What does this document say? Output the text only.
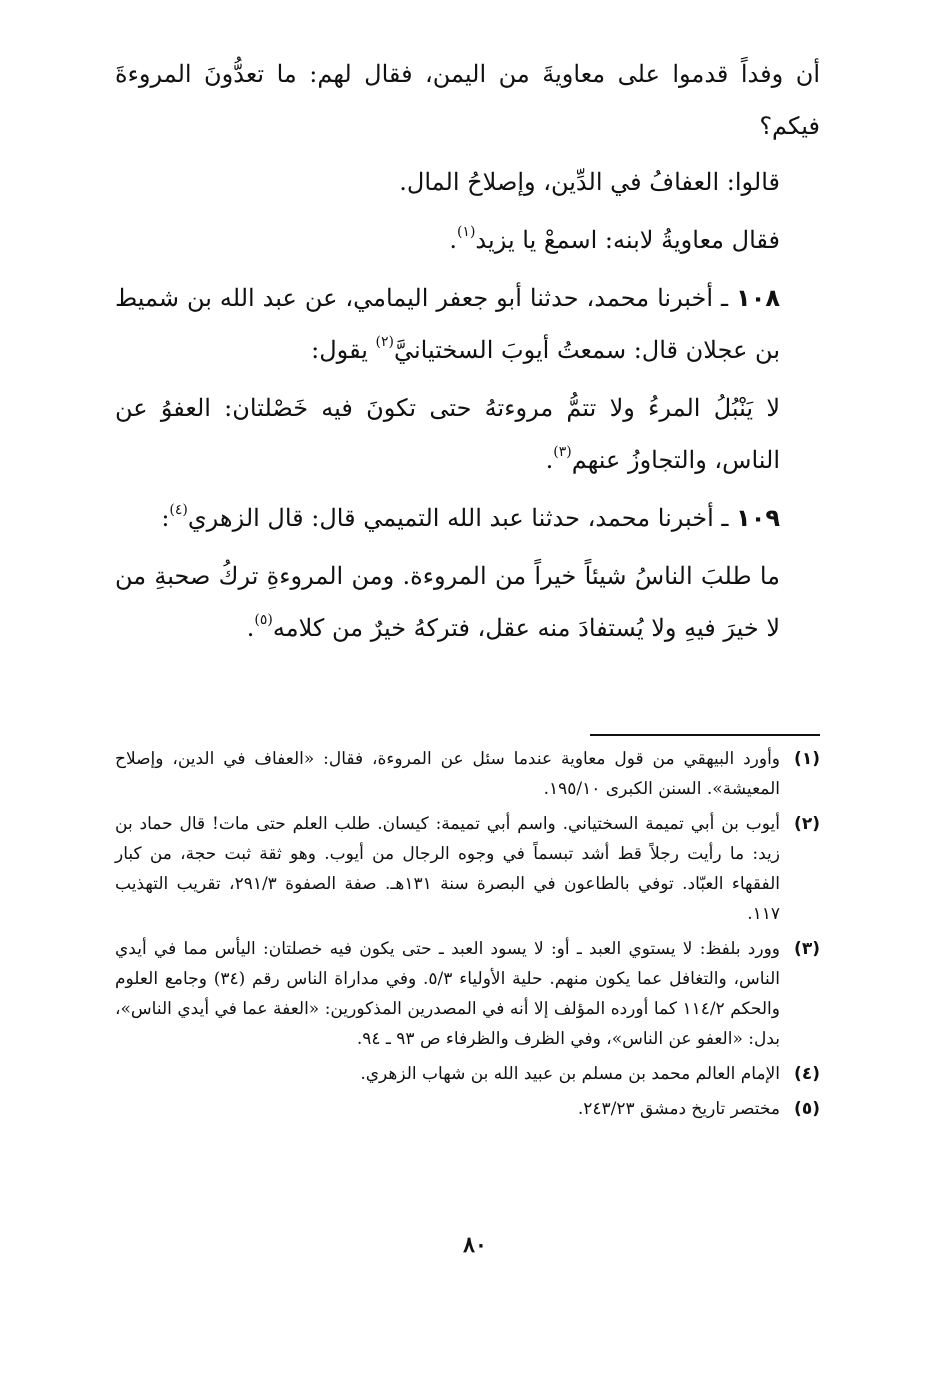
أن وفداً قدموا على معاويةَ من اليمن، فقال لهم: ما تعدُّونَ المروءةَ فيكم؟

قالوا: العفافُ في الدِّين، وإصلاحُ المال.

فقال معاويةُ لابنه: اسمعْ يا يزيد$^{(١)}$.

١٠٨ ـ أخبرنا محمد، حدثنا أبو جعفر اليمامي، عن عبد الله بن شميط بن عجلان قال: سمعتُ أيوبَ السختيانيَّ$^{(٢)}$ يقول:

لا يَنْبُلُ المرءُ ولا تتمُّ مروءتهُ حتى تكونَ فيه خَصْلتان: العفوُ عن الناس، والتجاوزُ عنهم$^{(٣)}$.

١٠٩ ـ أخبرنا محمد، حدثنا عبد الله التميمي قال: قال الزهري$^{(٤)}$:

ما طلبَ الناسُ شيئاً خيراً من المروءة. ومن المروءةِ تركُ صحبةِ من لا خيرَ فيهِ ولا يُستفادَ منه عقل، فتركهُ خيرٌ من كلامه$^{(٥)}$.

(١)
وأورد البيهقي من قول معاوية عندما سئل عن المروءة، فقال: «العفاف في الدين، وإصلاح المعيشة». السنن الكبرى ١٩٥/١٠.
(٢)
أيوب بن أبي تميمة السختياني. واسم أبي تميمة: كيسان. طلب العلم حتى مات! قال حماد بن زيد: ما رأيت رجلاً قط أشد تبسماً في وجوه الرجال من أيوب. وهو ثقة ثبت حجة، من كبار الفقهاء العبّاد. توفي بالطاعون في البصرة سنة ١٣١هـ. صفة الصفوة ٢٩١/٣، تقريب التهذيب ١١٧.
(٣)
وورد بلفظ: لا يستوي العبد ـ أو: لا يسود العبد ـ حتى يكون فيه خصلتان: اليأس مما في أيدي الناس، والتغافل عما يكون منهم. حلية الأولياء ٥/٣. وفي مداراة الناس رقم (٣٤) وجامع العلوم والحكم ١١٤/٢ كما أورده المؤلف إلا أنه في المصدرين المذكورين: «العفة عما في أيدي الناس»، بدل: «العفو عن الناس»، وفي الظرف والظرفاء ص ٩٣ ـ ٩٤.
(٤)
الإمام العالم محمد بن مسلم بن عبيد الله بن شهاب الزهري.
(٥)
مختصر تاريخ دمشق ٢٤٣/٢٣.
٨٠
